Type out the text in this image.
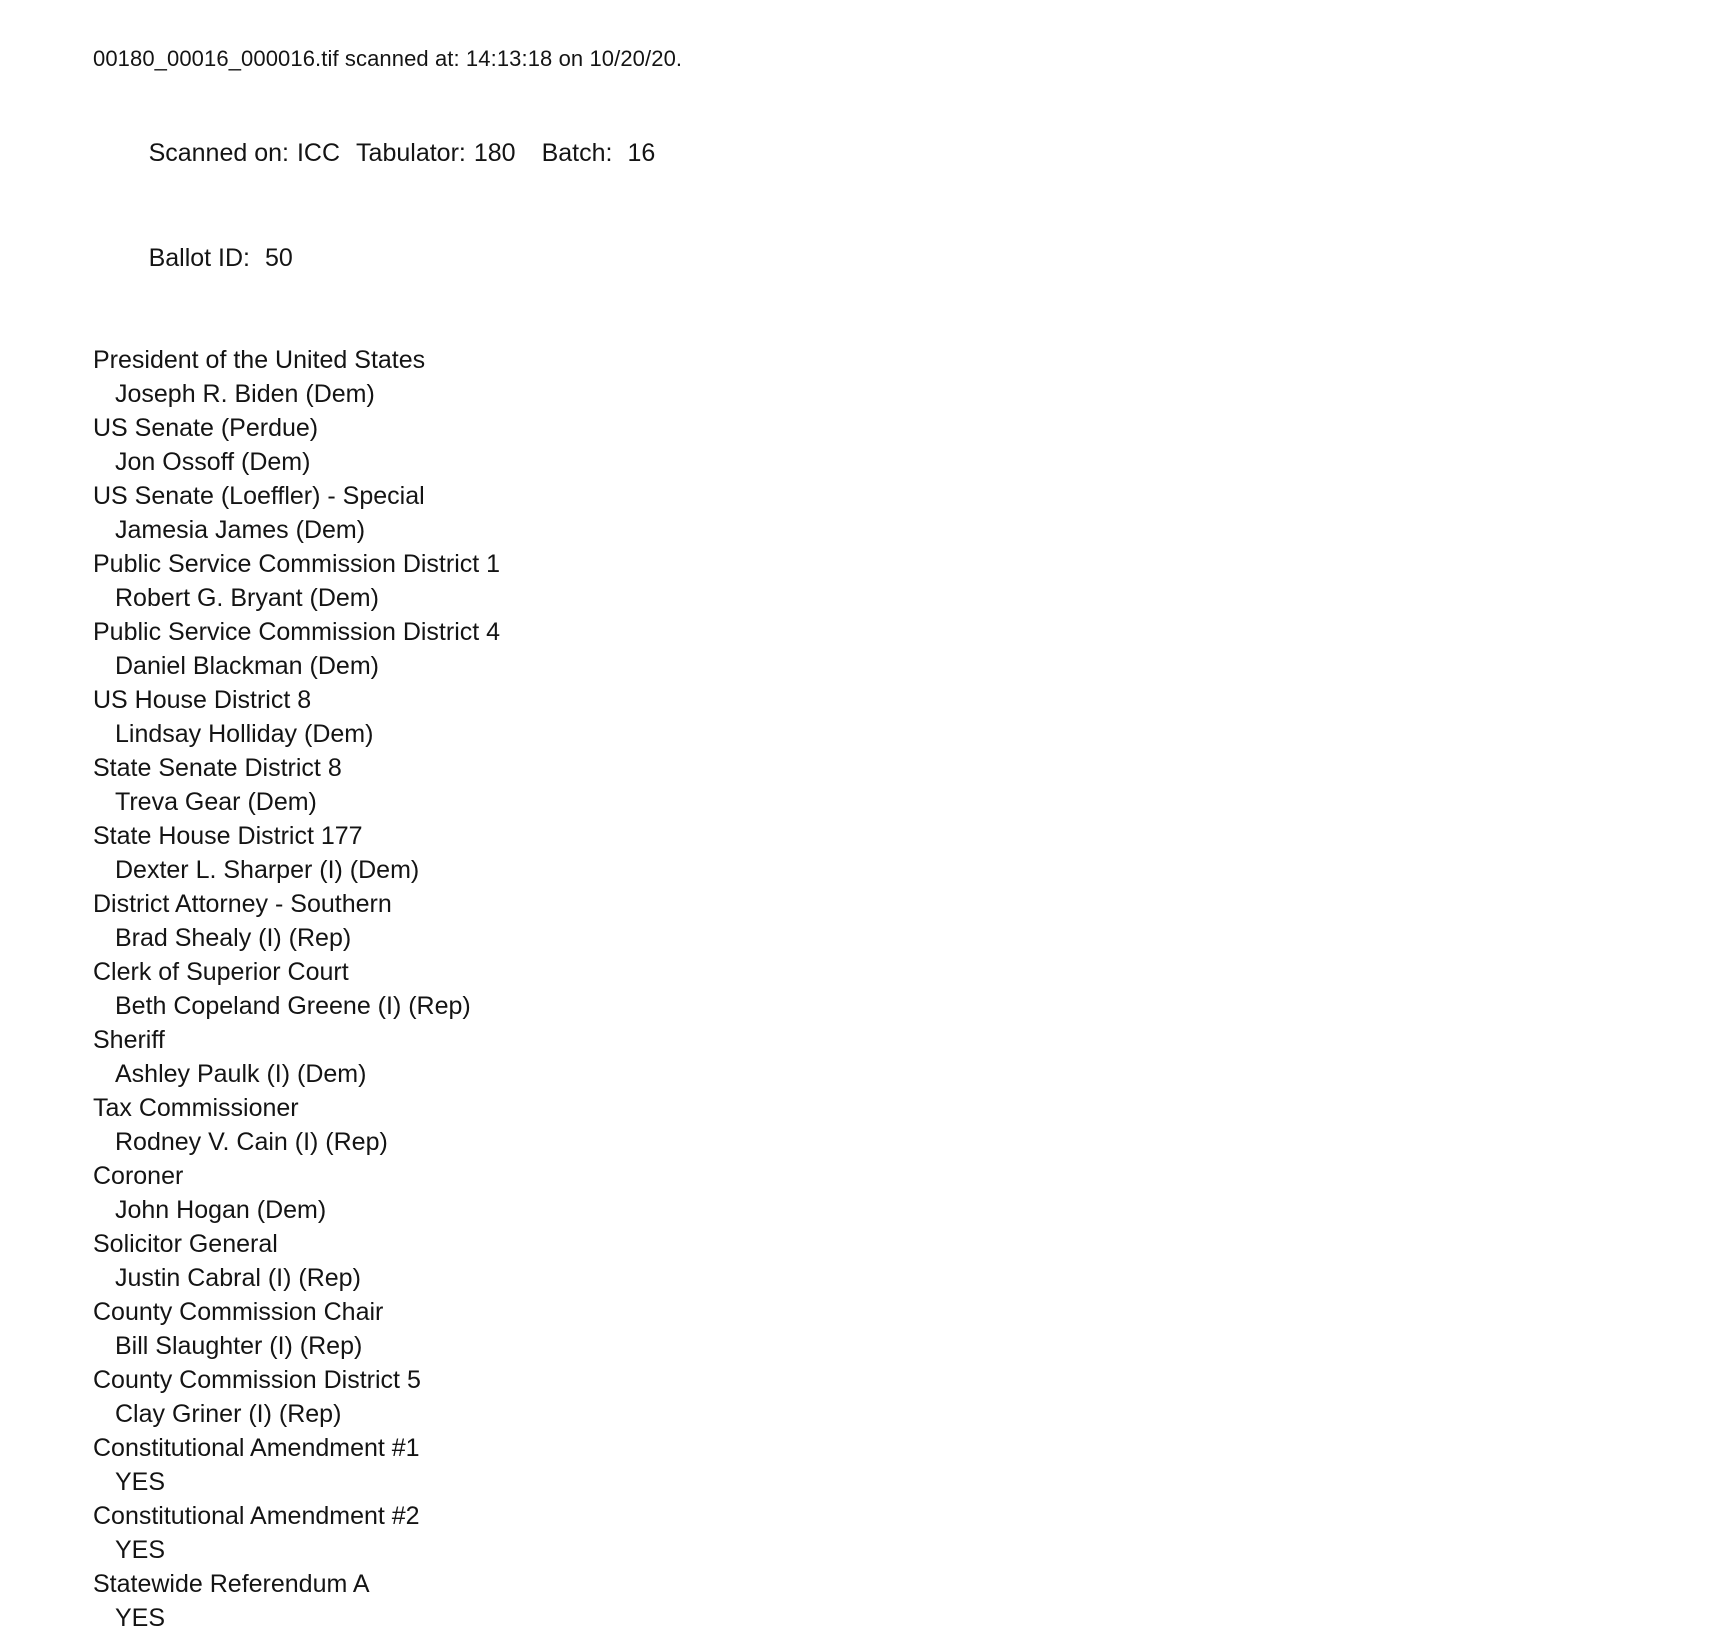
00180_00016_000016.tif scanned at: 14:13:18 on 10/20/20.

Scanned on: ICC Tabulator: 180 Batch: 16

Ballot ID: 50

President of the United States
Joseph R. Biden (Dem)
US Senate (Perdue)
Jon Ossoff (Dem)
US Senate (Loeffler) - Special
Jamesia James (Dem)
Public Service Commission District 1
Robert G. Bryant (Dem)
Public Service Commission District 4
Daniel Blackman (Dem)
US House District 8
Lindsay Holliday (Dem)
State Senate District 8
Treva Gear (Dem)
State House District 177
Dexter L. Sharper (I) (Dem)
District Attorney - Southern
Brad Shealy (I) (Rep)
Clerk of Superior Court
Beth Copeland Greene (I) (Rep)
Sheriff
Ashley Paulk (I) (Dem)
Tax Commissioner
Rodney V. Cain (I) (Rep)
Coroner
John Hogan (Dem)
Solicitor General
Justin Cabral (I) (Rep)
County Commission Chair
Bill Slaughter (I) (Rep)
County Commission District 5
Clay Griner (I) (Rep)
Constitutional Amendment #1
YES
Constitutional Amendment #2
YES
Statewide Referendum A
YES
